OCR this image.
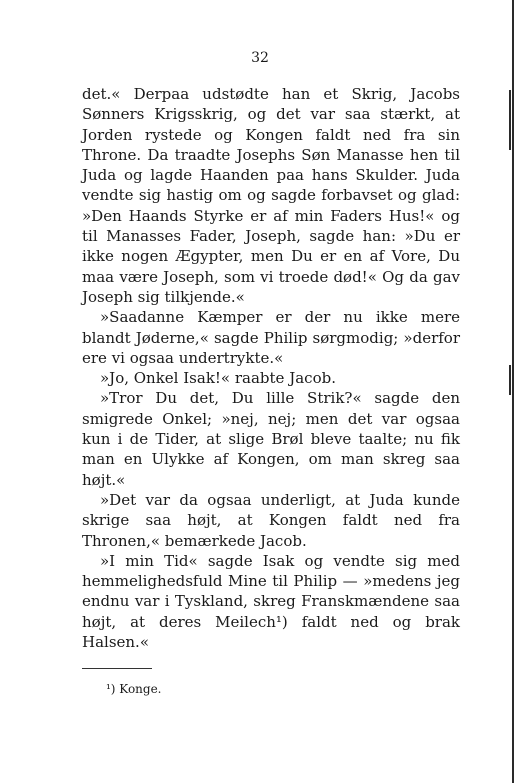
32

det.« Derpaa udstødte han et Skrig, Jacobs Sønners Krigsskrig, og det var saa stærkt, at Jorden rystede og Kongen faldt ned fra sin Throne. Da traadte Josephs Søn Manasse hen til Juda og lagde Haanden paa hans Skulder. Juda vendte sig hastig om og sagde forbavset og glad: »Den Haands Styrke er af min Faders Hus!« og til Manasses Fader, Joseph, sagde han: »Du er ikke nogen Ægypter, men Du er en af Vore, Du maa være Joseph, som vi troede død!« Og da gav Joseph sig tilkjende.«

»Saadanne Kæmper er der nu ikke mere blandt Jøderne,« sagde Philip sørgmodig; »derfor ere vi ogsaa undertrykte.«

»Jo, Onkel Isak!« raabte Jacob.

»Tror Du det, Du lille Strik?« sagde den smigrede Onkel; »nej, nej; men det var ogsaa kun i de Tider, at slige Brøl bleve taalte; nu fik man en Ulykke af Kongen, om man skreg saa højt.«

»Det var da ogsaa underligt, at Juda kunde skrige saa højt, at Kongen faldt ned fra Thronen,« bemærkede Jacob.

»I min Tid« sagde Isak og vendte sig med hemmelighedsfuld Mine til Philip — »medens jeg endnu var i Tyskland, skreg Franskmændene saa højt, at deres Meilech¹) faldt ned og brak Halsen.«

¹) Konge.
